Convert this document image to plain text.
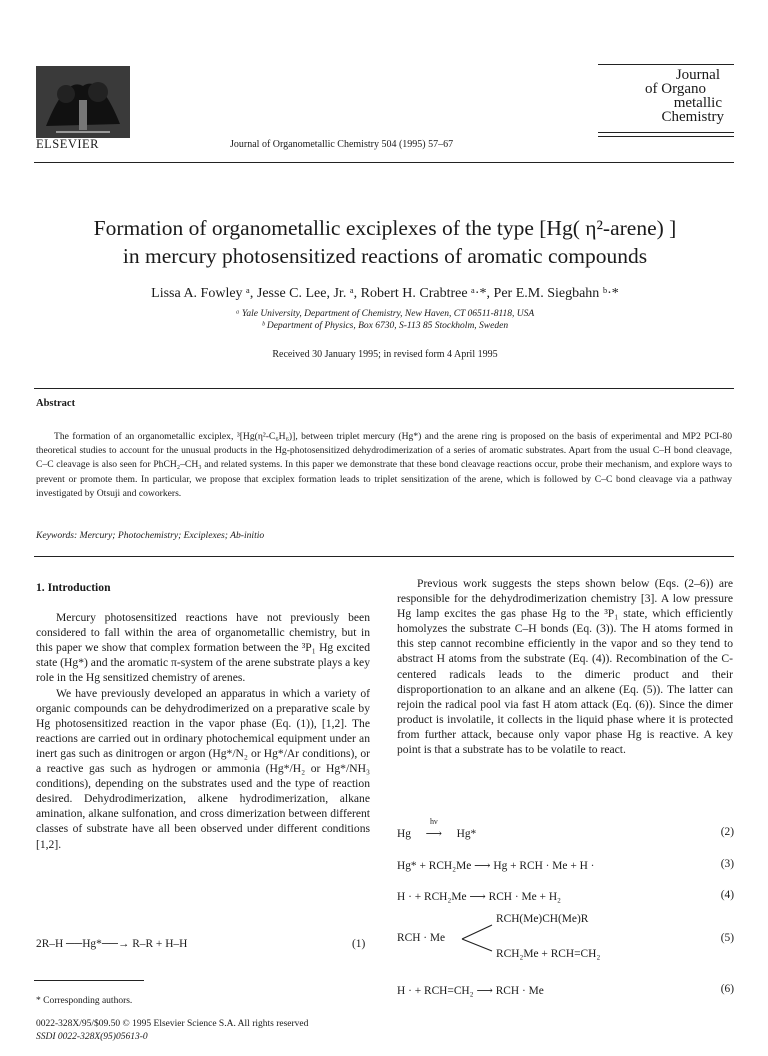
ELSEVIER	Journal of Organometallic Chemistry 504 (1995) 57–67
Journal
of Organo
metallic
Chemistry
Formation of organometallic exciplexes of the type [Hg( η²-arene) ]
in mercury photosensitized reactions of aromatic compounds
Lissa A. Fowley ᵃ, Jesse C. Lee, Jr. ᵃ, Robert H. Crabtree ᵃ·*, Per E.M. Siegbahn ᵇ·*
ᵃ Yale University, Department of Chemistry, New Haven, CT 06511-8118, USA
ᵇ Department of Physics, Box 6730, S-113 85 Stockholm, Sweden
Received 30 January 1995; in revised form 4 April 1995
Abstract
The formation of an organometallic exciplex, ³[Hg(η²-C₆H₆)], between triplet mercury (Hg*) and the arene ring is proposed on the basis of experimental and MP2 PCI-80 theoretical studies to account for the unusual products in the Hg-photosensitized dehydrodimerization of a series of aromatic substrates. Apart from the usual C–H bond cleavage, C–C cleavage is also seen for PhCH₂–CH₃ and related systems. In this paper we demonstrate that these bond cleavage reactions occur, probe their mechanism, and explore ways to prevent or promote them. In particular, we propose that exciplex formation leads to triplet sensitization of the arene, which is followed by C–C bond cleavage via a pathway investigated by Otsuji and coworkers.
Keywords: Mercury; Photochemistry; Exciplexes; Ab-initio
1. Introduction

Mercury photosensitized reactions have not previously been considered to fall within the area of organometallic chemistry, but in this paper we show that complex formation between the ³P₁ Hg excited state (Hg*) and the aromatic π-system of the arene substrate plays a key role in the Hg sensitized chemistry of arenes.

We have previously developed an apparatus in which a variety of organic compounds can be dehydrodimerized on a preparative scale by Hg photosensitized reaction in the vapor phase (Eq. (1)), [1,2]. The reactions are carried out in ordinary photochemical equipment under an inert gas such as dinitrogen or argon (Hg*/N₂ or Hg*/Ar conditions), or a reactive gas such as hydrogen or ammonia (Hg*/H₂ or Hg*/NH₃ conditions), depending on the substrates used and the type of reaction desired. Dehydrodimerization, alkene hydrodimerization, alkane amination, alkane sulfonation, and cross dimerization between different classes of substrate have all been observed under different conditions [1,2].

2R–H ──Hg*──→ R–R + H–H	(1)
* Corresponding authors.
0022-328X/95/$09.50 © 1995 Elsevier Science S.A. All rights reserved
SSDI 0022-328X(95)05613-0

Previous work suggests the steps shown below (Eqs. (2–6)) are responsible for the dehydrodimerization chemistry [3]. A low pressure Hg lamp excites the gas phase Hg to the ³P₁ state, which efficiently homolyzes the substrate C–H bonds (Eq. (3)). The H atoms formed in this step cannot recombine efficiently in the vapor and so they tend to abstract H atoms from the substrate (Eq. (4)). Recombination of the C-centered radicals leads to the dimeric product and their disproportionation to an alkane and an alkene (Eq. (5)). The latter can rejoin the radical pool via fast H atom attack (Eq. (6)). Since the dimer product is involatile, it collects in the liquid phase where it is protected from further attack, because only vapor phase Hg is reactive. A key point is that a substrate has to be volatile to react.

Hg
hν
⟶ Hg*	(2)
Hg* + RCH₂Me ⟶ Hg + RCH · Me + H ·	(3)
H · + RCH₂Me ⟶ RCH · Me + H₂	(4)
RCH · Me
RCH(Me)CH(Me)R
RCH₂Me + RCH=CH₂
(5)
H · + RCH=CH₂ ⟶ RCH · Me	(6)
